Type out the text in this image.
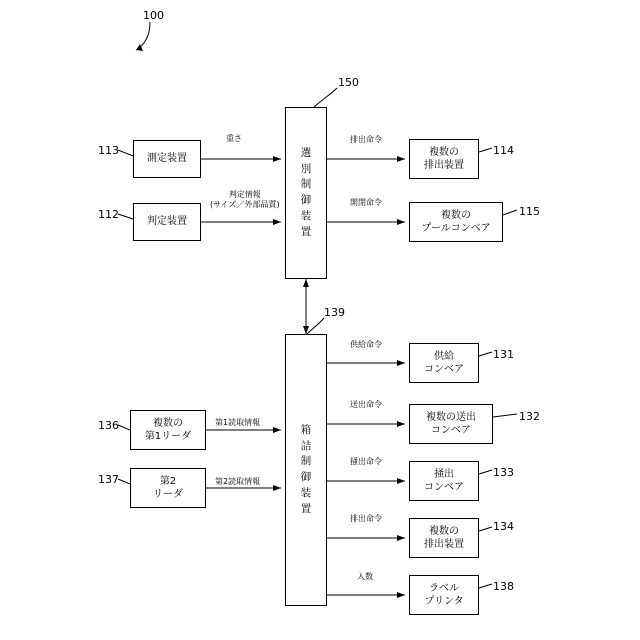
100
150
113
112
114
115
139
131
132
133
134
136
137
138
測定装置
判定装置
複数の
排出装置
複数の
プールコンベア
供給
コンベア
複数の送出
コンベア
掻出
コンベア
複数の
排出装置
ラベル
プリンタ
複数の
第1リーダ
第2
リーダ
選
別
制
御
装
置
箱
詰
制
御
装
置
重さ
判定情報
(サイズ／外部品質)
排出命令
開閉命令
供給命令
送出命令
掻出命令
排出命令
入数
第1読取情報
第2読取情報
